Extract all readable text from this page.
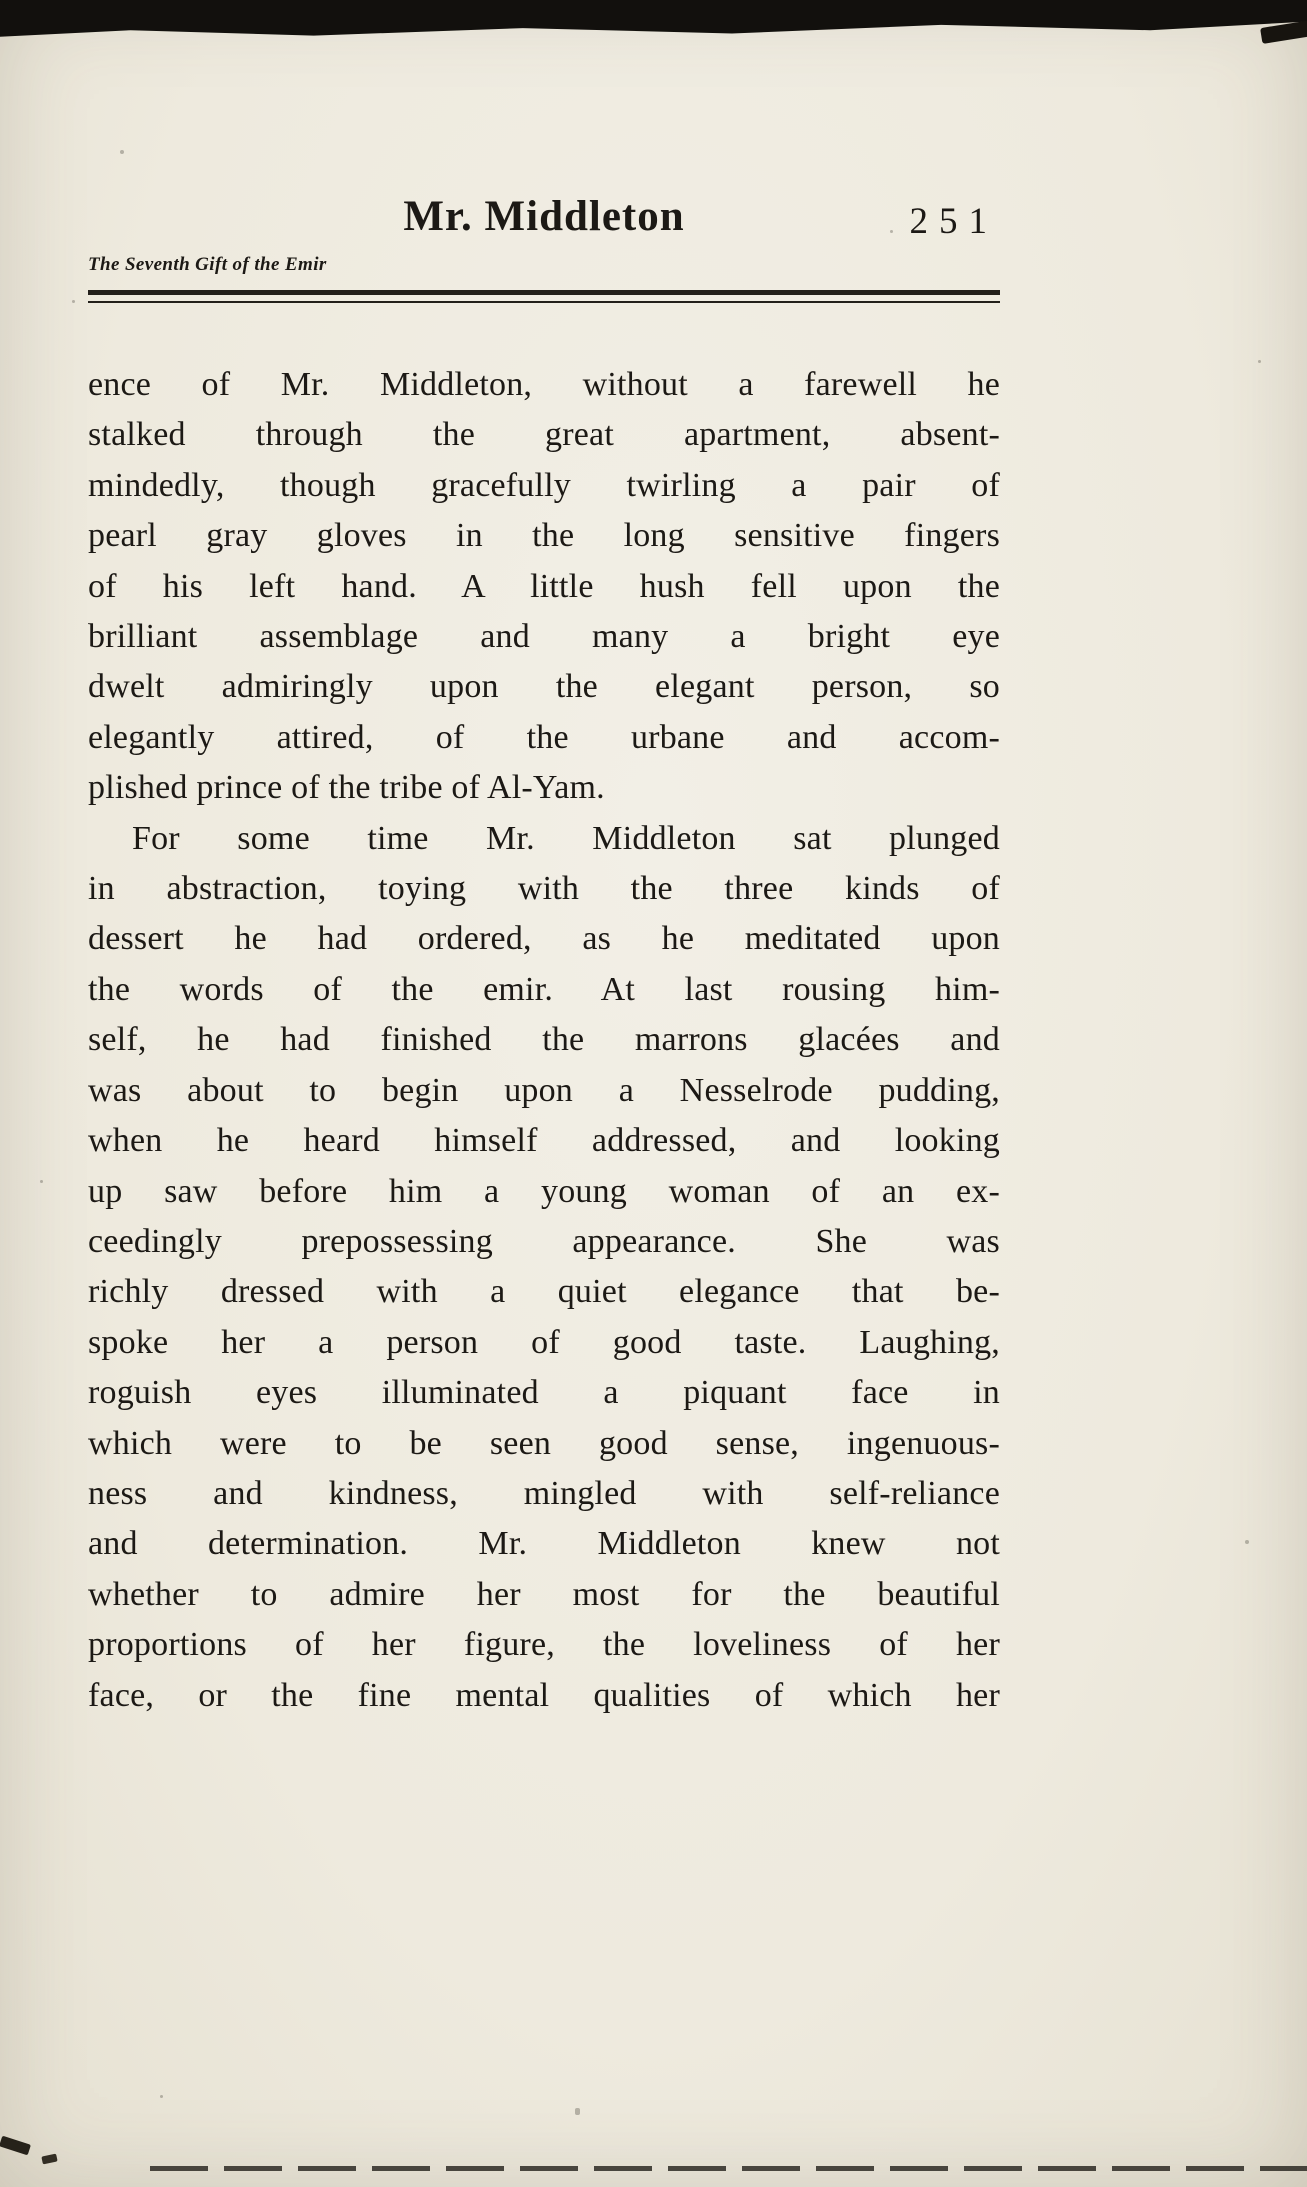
Mr. Middleton	251
The Seventh Gift of the Emir
ence of Mr. Middleton, without a farewell he
stalked through the great apartment, absent-
mindedly, though gracefully twirling a pair of
pearl gray gloves in the long sensitive fingers
of his left hand. A little hush fell upon the
brilliant assemblage and many a bright eye
dwelt admiringly upon the elegant person, so
elegantly attired, of the urbane and accom-
plished prince of the tribe of Al-Yam.
For some time Mr. Middleton sat plunged
in abstraction, toying with the three kinds of
dessert he had ordered, as he meditated upon
the words of the emir. At last rousing him-
self, he had finished the marrons glacées and
was about to begin upon a Nesselrode pudding,
when he heard himself addressed, and looking
up saw before him a young woman of an ex-
ceedingly prepossessing appearance. She was
richly dressed with a quiet elegance that be-
spoke her a person of good taste. Laughing,
roguish eyes illuminated a piquant face in
which were to be seen good sense, ingenuous-
ness and kindness, mingled with self-reliance
and determination. Mr. Middleton knew not
whether to admire her most for the beautiful
proportions of her figure, the loveliness of her
face, or the fine mental qualities of which her
